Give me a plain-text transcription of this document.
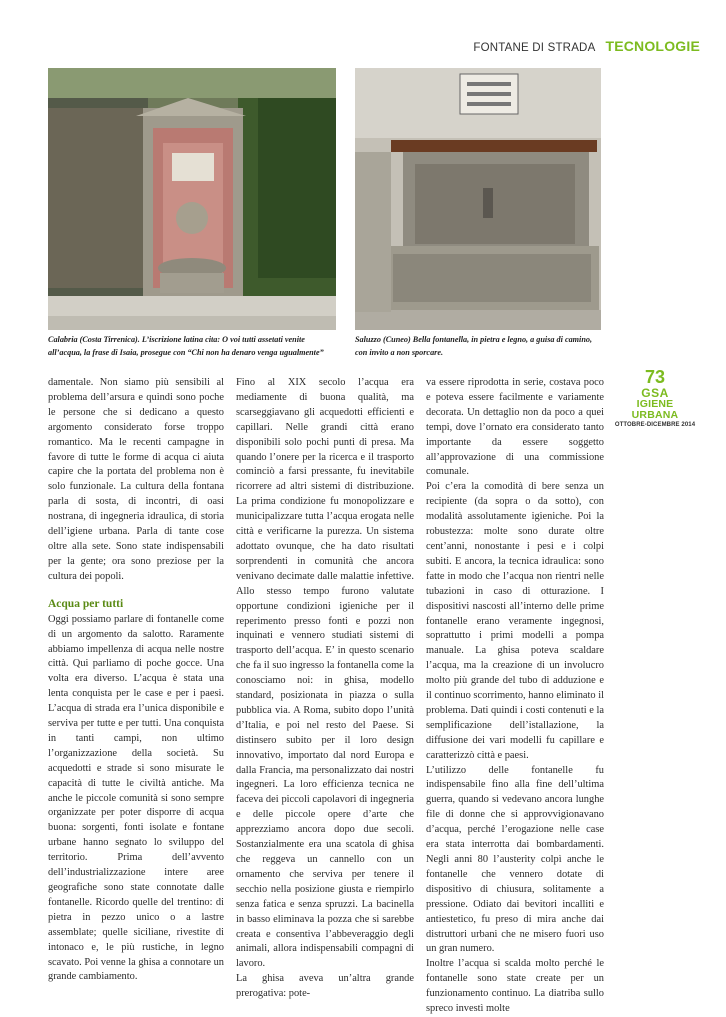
FONTANE DI STRADA TECNOLOGIE
Calabria (Costa Tirrenica). L’iscrizione latina cita: O voi tutti assetati venite all’acqua, la frase di Isaia, prosegue con “Chi non ha denaro venga ugualmente”
Saluzzo (Cuneo) Bella fontanella, in pietra e legno, a guisa di camino, con invito a non sporcare.

damentale. Non siamo più sensibili al problema dell’arsura e quindi sono poche le persone che si dedicano a questo argomento considerato forse troppo romantico. Ma le recenti campagne in favore di tutte le forme di acqua ci aiuta capire che la portata del problema non è solo funzionale. La cultura della fontana parla di sosta, di incontri, di oasi nostrana, di ingegneria idraulica, di storia dell’igiene urbana. Parla di tante cose oltre alla sete. Sono state indispensabili per la gente; ora sono preziose per la cultura dei popoli.

Acqua per tutti

Oggi possiamo parlare di fontanelle come di un argomento da salotto. Raramente abbiamo impellenza di acqua nelle nostre città. Qui parliamo di poche gocce. Una volta era diverso. L’acqua è stata una lenta conquista per le case e per i paesi. L’acqua di strada era l’unica disponibile e serviva per tutte e per tutti. Una conquista in tanti campi, non ultimo l’organizzazione della società. Su acquedotti e strade si sono misurate le capacità di tutte le civiltà antiche. Ma anche le piccole comunità si sono sempre organizzate per poter disporre di acqua buona: sorgenti, fonti isolate e fontane urbane hanno segnato lo sviluppo del territorio. Prima dell’avvento dell’industrializzazione intere aree geografiche sono state connotate dalle fontanelle. Ricordo quelle del trentino: di pietra in pezzo unico o a lastre assemblate; quelle siciliane, rivestite di intonaco e, le più rustiche, in legno scavato. Poi venne la ghisa a connotare un grande cambiamento.

Fino al XIX secolo l’acqua era mediamente di buona qualità, ma scarseggiavano gli acquedotti efficienti e capillari. Nelle grandi città erano disponibili solo pochi punti di presa. Ma quando l’onere per la ricerca e il trasporto cominciò a farsi pressante, fu inevitabile ricorrere ad altri sistemi di distribuzione. La prima condizione fu monopolizzare e municipalizzare tutta l’acqua erogata nelle città e verificarne la purezza. Un sistema adottato ovunque, che ha dato risultati sorprendenti in comunità che ancora venivano decimate dalle malattie infettive. Allo stesso tempo furono valutate opportune condizioni igieniche per il reperimento presso fonti e pozzi non inquinati e vennero studiati sistemi di trasporto dell’acqua. E’ in questo scenario che fa il suo ingresso la fontanella come la conosciamo noi: in ghisa, modello standard, posizionata in piazza o sulla pubblica via. A Roma, subito dopo l’unità d’Italia, e poi nel resto del Paese. Si distinsero subito per il loro design innovativo, importato dal nord Europa e dalla Francia, ma personalizzato dai nostri ingegneri. La loro efficienza tecnica ne faceva dei piccoli capolavori di ingegneria e delle piccole opere d’arte che apprezziamo ancora dopo due secoli. Sostanzialmente era una scatola di ghisa che reggeva un cannello con un ornamento che serviva per tenere il secchio nella posizione giusta e riempirlo senza fatica e senza spruzzi. La bacinella in basso eliminava la pozza che si sarebbe creata e consentiva l’abbeveraggio degli animali, allora indispensabili compagni di lavoro.

La ghisa aveva un’altra grande prerogativa: pote-

va essere riprodotta in serie, costava poco e poteva essere facilmente e variamente decorata. Un dettaglio non da poco a quei tempi, dove l’ornato era considerato tanto importante da essere soggetto all’approvazione di una commissione comunale.

Poi c’era la comodità di bere senza un recipiente (da sopra o da sotto), con modalità assolutamente igieniche. Poi la robustezza: molte sono durate oltre cent’anni, nonostante i pesi e i colpi subiti. E ancora, la tecnica idraulica: sono fatte in modo che l’acqua non rientri nelle tubazioni in caso di otturazione. I dispositivi nascosti all’interno delle prime fontanelle erano veramente ingegnosi, soprattutto i primi modelli a pompa manuale. La ghisa poteva scaldare l’acqua, ma la creazione di un involucro molto più grande del tubo di adduzione e il continuo scorrimento, hanno eliminato il problema. Dati quindi i costi contenuti e la semplificazione dell’istallazione, la diffusione dei vari modelli fu capillare e caratterizzò città e paesi.

L’utilizzo delle fontanelle fu indispensabile fino alla fine dell’ultima guerra, quando si vedevano ancora lunghe file di donne che si approvvigionavano d’acqua, perché l’erogazione nelle case era stata interrotta dai bombardamenti. Negli anni 80 l’austerity colpì anche le fontanelle che vennero dotate di dispositivo di chiusura, solitamente a pressione. Odiato dai bevitori incalliti e antiestetico, fu preso di mira anche dai distruttori urbani che ne misero fuori uso un gran numero.

Inoltre l’acqua si scalda molto perché le fontanelle sono state create per un funzionamento continuo. La diatriba sullo spreco investì molte

73
GSA
IGIENE URBANA
OTTOBRE-DICEMBRE 2014
